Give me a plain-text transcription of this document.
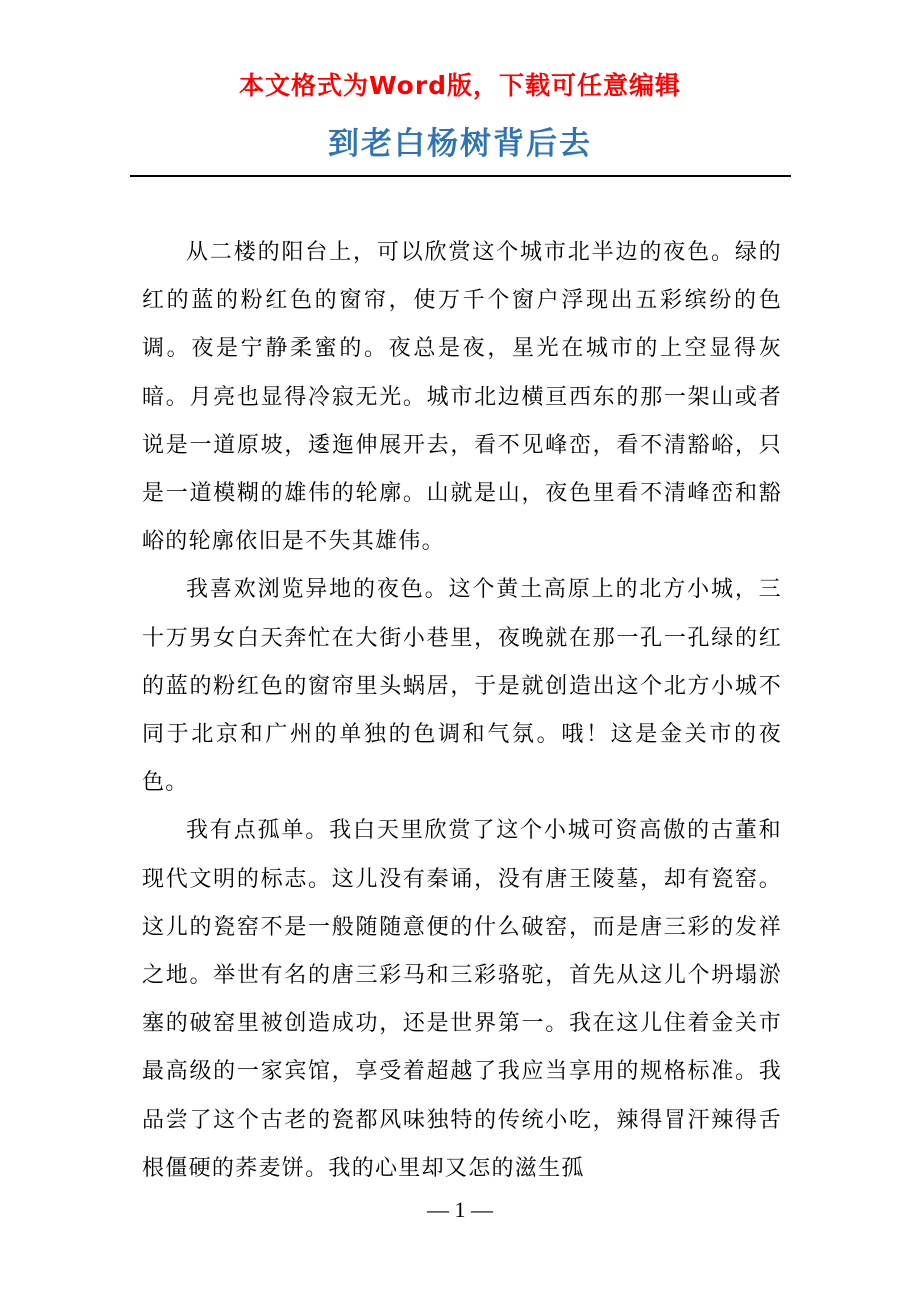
本文格式为Word版，下载可任意编辑
到老白杨树背后去

从二楼的阳台上，可以欣赏这个城市北半边的夜色。绿的红的蓝的粉红色的窗帘，使万千个窗户浮现出五彩缤纷的色调。夜是宁静柔蜜的。夜总是夜，星光在城市的上空显得灰暗。月亮也显得冷寂无光。城市北边横亘西东的那一架山或者说是一道原坡，逶迤伸展开去，看不见峰峦，看不清豁峪，只是一道模糊的雄伟的轮廓。山就是山，夜色里看不清峰峦和豁峪的轮廓依旧是不失其雄伟。

我喜欢浏览异地的夜色。这个黄土高原上的北方小城，三十万男女白天奔忙在大街小巷里，夜晚就在那一孔一孔绿的红的蓝的粉红色的窗帘里头蜗居，于是就创造出这个北方小城不同于北京和广州的单独的色调和气氛。哦！这是金关市的夜色。

我有点孤单。我白天里欣赏了这个小城可资高傲的古董和现代文明的标志。这儿没有秦诵，没有唐王陵墓，却有瓷窑。这儿的瓷窑不是一般随随意便的什么破窑，而是唐三彩的发祥之地。举世有名的唐三彩马和三彩骆驼，首先从这儿个坍塌淤塞的破窑里被创造成功，还是世界第一。我在这儿住着金关市最高级的一家宾馆，享受着超越了我应当享用的规格标准。我品尝了这个古老的瓷都风味独特的传统小吃，辣得冒汗辣得舌根僵硬的荞麦饼。我的心里却又怎的滋生孤

— 1 —
